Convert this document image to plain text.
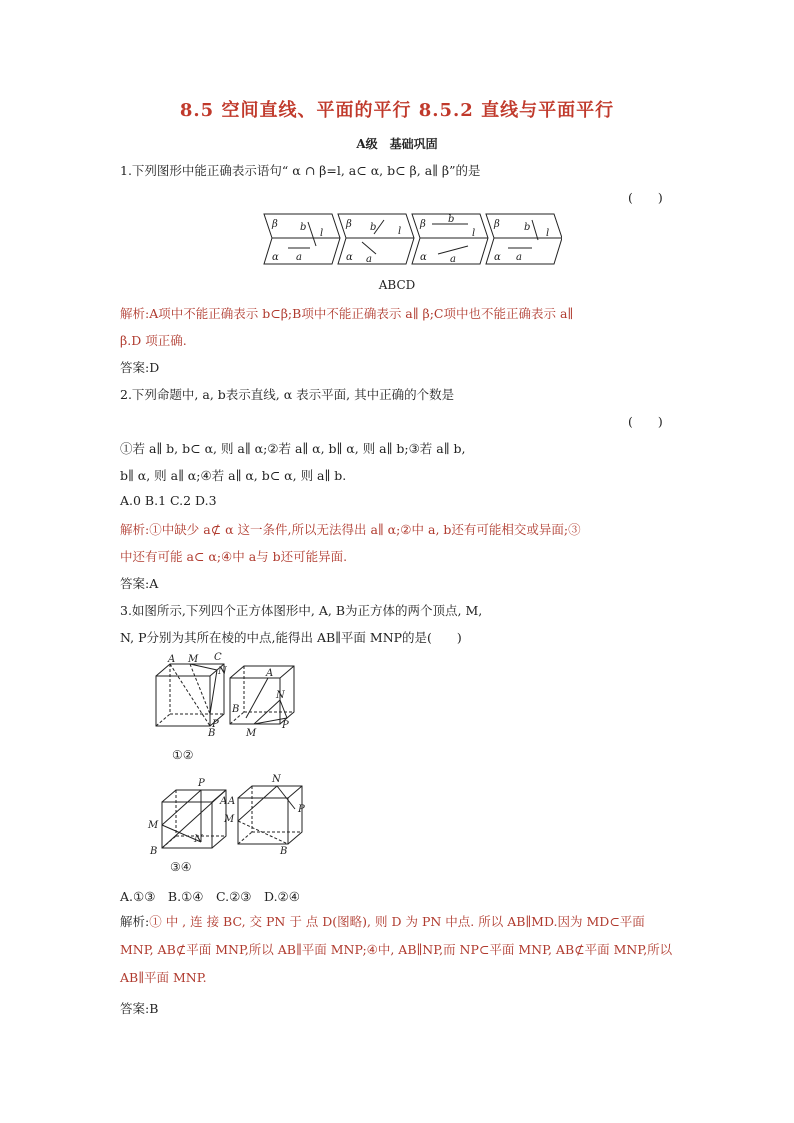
8.5 空间直线、平面的平行 8.5.2 直线与平面平行
A级　基础巩固
1.下列图形中能正确表示语句“ α ∩ β=l, a⊂ α, b⊂ β, a∥ β”的是
(　　)
β
α a
b
l
β
α a
b l
β
α a
b
l
β
α a
b
l
ABCD
解析:A项中不能正确表示 b⊂β;B项中不能正确表示 a∥ β;C项中也不能正确表示 a∥
β.D 项正确.
答案:D
2.下列命题中, a, b表示直线, α 表示平面, 其中正确的个数是
(　　)
①若 a∥ b, b⊂ α, 则 a∥ α;②若 a∥ α, b∥ α, 则 a∥ b;③若 a∥ b,
b∥ α, 则 a∥ α;④若 a∥ α, b⊂ α, 则 a∥ b.
A.0 B.1 C.2 D.3
解析:①中缺少 a⊄ α 这一条件,所以无法得出 a∥ α;②中 a, b还有可能相交或异面;③
中还有可能 a⊂ α;④中 a与 b还可能异面.
答案:A
3.如图所示,下列四个正方体图形中, A, B为正方体的两个顶点, M,
N, P分别为其所在棱的中点,能得出 AB∥平面 MNP的是(　　)
A M C
N
B
P
A
N
B
M
P
①②
P
A
M
N
B
N
A
M
P
B
③④
A.①③　B.①④　C.②③　D.②④
解析:① 中 , 连 接 BC, 交 PN 于 点 D(图略), 则 D 为 PN 中点. 所以 AB∥MD.因为 MD⊂平面 MNP, AB⊄平面 MNP,所以 AB∥平面 MNP;④中, AB∥NP,而 NP⊂平面 MNP, AB⊄平面 MNP,所以 AB∥平面 MNP.
答案:B
